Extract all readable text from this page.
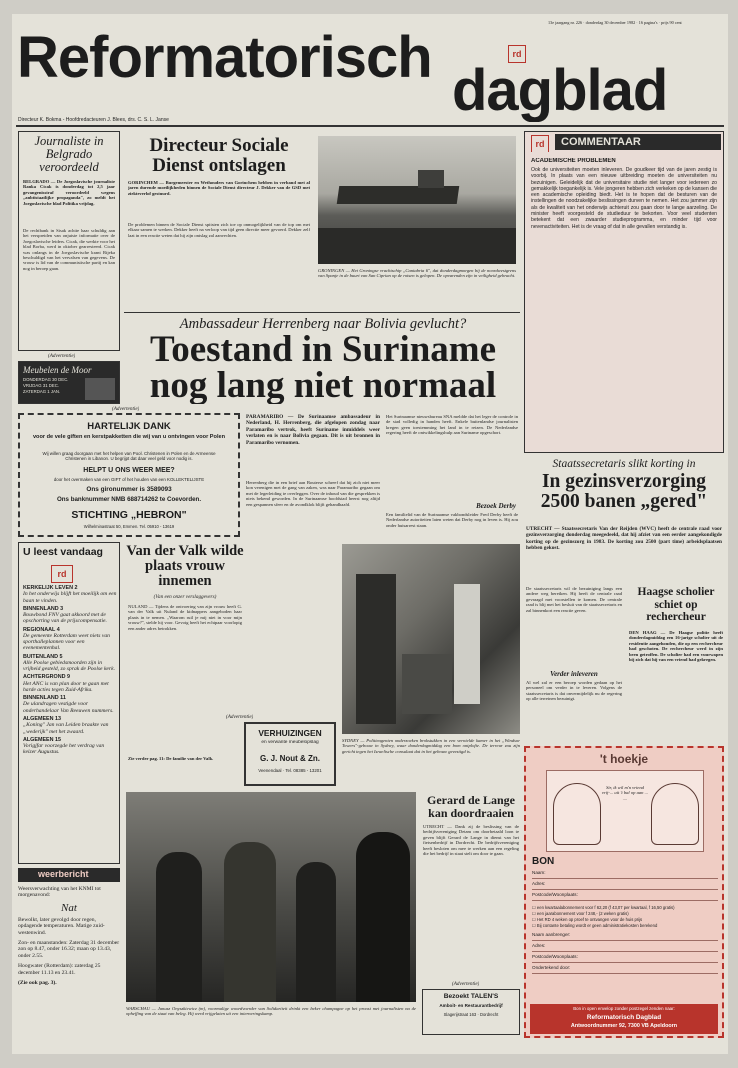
Reformatorisch	rd
13e jaargang nr. 226 · donderdag 30 december 1982 · 16 pagina's · prijs 90 cent
dagblad
Directeur K. Bokma - Hoofdredacteuren J. Blees, drs. C. S. L. Janse
Journaliste in Belgrado veroordeeld
BELGRADO — De Joegoslavische journaliste Ranka Cicak is donderdag tot 2,5 jaar gevangenisstraf veroordeeld wegens „anbtistaatlijke propaganda", zo meldt het Joegoslavische blad Politika vrijdag.
De rechtbank in Sisak achtte haar schuldig aan het verspreiden van onjuiste informatie over de Joegoslavische leiders. Cicak, die werkte voor het blad Borba, werd in oktober gearresteerd. Cicak was onlangs in de Joegoslavische krant Rijeka beschuldigd van het vervalsen van gegevens. De vrouw is lid van de communistische partij en kan nog in beroep gaan.
(Advertentie)
Meubelen de Moor
DONDERDAG 30 DEC.
VRIJDAG 31 DEC.
ZATERDAG 1 JAN.
(Advertentie)
HARTELIJK DANK
voor de vele giften en kerstpakketten die wij van u ontvingen voor Polen
Wij willen graag doorgaan met het helpen van Pool. Christenen in Polen en de Armeense Christenen in Libanon. U begrijpt dat daar veel geld voor nodig is.
HELPT U ONS WEER MEE?
door het overmaken van een GIFT of het houden van een KOLLEKTELIJSTE
Ons gironummer is 3589093
Ons banknummer NMB 688714262 te Coevorden.
STICHTING „HEBRON"
Wilhelminastraat 50, Emmen. Tel. 05910 - 13619
U leest vandaag
rd
KERKELIJK LEVEN 2
In het onderwijs blijft het moeilijk om een baan te vinden.
BINNENLAND 3
Bouwbond FNV gaat akkoord met de opschorting van de prijscompensatie.
REGIONAAL 4
De gemeente Rotterdam weet niets van sporthalleplannen voor een evenementenhal.
BUITENLAND 5
Alle Poolse gebiedsmoorden zijn in vrijheid gesteld, zo sprak de Poolse kerk.
ACHTERGROND 9
Het ANC is van plan door te gaan met harde acties tegen Zuid-Afrika.
BINNENLAND 11
De ulandragen vestigde voor onderhandelaar Van Reeuwen nummers.
ALGEMEEN 13
„Koning" Jan van Leiden braakte van „wederijk" met het zwaard.
ALGEMEEN 15
Vorigjfar voorzegde het verdrag van keizer Augustus.
weerbericht
Weersverwachting van het KNMI tot morgenavond:
Nat
Bewolkt, later gevolgd door regen, opdagende temperaturen. Matige zuid-westenwind.
Zon- en maanstanden: Zaterdag 31 december zon op 8.47, onder 16.32; maan op 13.43, onder 2.55.
Hoogwater (Rotterdam): zaterdag 25 december 11.13 en 23.41.
(Zie ook pag. 3).
Directeur Sociale Dienst ontslagen
GORINCHEM — Burgemeester en Wethouders van Gorinchem hebben in verband met al jaren durende moeilijkheden binnen de Sociale Dienst directeur J. Dekker van de GSD met ziekteverlof gestuurd.
De problemen binnen de Sociale Dienst spitsten zich toe op onmogelijkheid van de top om met elkaar samen te werken. Dekker heeft na verloop van tijd geen directie meer gevoerd. Dekker zelf laat in een reactie weten dat hij zijn ontslag zal aanvechten.
GRONINGEN — Het Groningse vrachtschip „Cantabria 6", dat donderdagmorgen bij de noordwestgrens van Spanje in de buurt van San Ciprian op de rotsen is gelopen. De opvarenden zijn in veiligheid gebracht.
Ambassadeur Herrenberg naar Bolivia gevlucht?
Toestand in Suriname nog lang niet normaal
PARAMARIBO — De Surinaamse ambassadeur in Nederland, H. Herrenberg, die afgelopen zondag naar Paramaribo vertrok, heeft Suriname inmiddels weer verlaten en is naar Bolivia gegaan. Dit is uit bronnen in Paramaribo vernomen.
Herrenberg die in een brief aan Bouterse schreef dat hij zich niet meer kon verenigen met de gang van zaken, was naar Paramaribo gegaan om met de legerleiding te overleggen. Over de inhoud van die gesprekken is niets bekend geworden. In de Surinaamse hoofdstad heerst nog altijd een gespannen sfeer en de avondklok blijft gehandhaafd.
Het Surinaamse nieuwsbureau SNA meldde dat het leger de controle in de stad volledig in handen heeft. Enkele buitenlandse journalisten kregen geen toestemming het land in te reizen. De Nederlandse regering heeft de ontwikkelingshulp aan Suriname opgeschort.
Bezoek Derby
Een familielid van de Surinaamse vakbondsleider Fred Derby heeft de Nederlandse autoriteiten laten weten dat Derby nog in leven is. Hij zou onder huisarrest staan.
Van der Valk wilde plaats vrouw innemen
(Van een onzer verslaggevers)
NULAND — Tijdens de ontvoering van zijn vrouw heeft G. van der Valk uit Nuland de kidnappers aangeboden haar plaats in te nemen. „Waarom ruil je mij niet in voor mijn vrouw?", stelde hij voor. Gevoig heeft het echtpaar voorlopig een ander adres betrokken.
Zie verder pag. 11: De familie van der Valk.
(Advertentie)
VERHUIZINGEN
en verwante meubelopslag
G. J. Nout & Zn.
Veenendaal · Tel. 08385 - 13201
SYDNEY — Politieagenten onderzoeken brokstukken in een vernielde kamer in het „Windsor Towers"-gebouw in Sydney, waar donderdagmiddag een bom ontplofte. De terreur zou zijn gericht tegen het Israelische consulaat dat in het gebouw gevestigd is.
WARSCHAU — Janusz Onyszkiewicz (m), voormalige woordvoerder van Solidariteit drinkt een beker champagne op het proost met journalisten na de opheffing van de staat van beleg. Hij werd vrijgelaten uit een interneringskamp.
Gerard de Lange kan doordraaien
UTRECHT — Dank zij de beslissing van de bedrijfsvereniging Detam om doorbetaald loon te geven blijft Gerard de Lange in dienst van het fietsenbedrijf in Dordrecht. De bedrijfsvereniging heeft besloten om mee te werken aan een regeling die het bedrijf in staat stelt om door te gaan.
(Advertentie)
Bezoekt TALEN'S
Amboit- en Restaurantbedrijf
Slagerijstraat 163 · Dordrecht
rd	COMMENTAAR
ACADEMISCHE PROBLEMEN
Ook de universiteiten moeten inleveren. De goudkeer tijd van de jaren zestig is voorbij. In plaats van een nieuwe uitbreiding moeten de universiteiten nu bezuinigen. Geleidelijk dat de universitaire studie niet langer voor iedereen zo gemakkelijk toegankelijk is. Vele jongeren hebben zich verkeken op de kansen die een academische opleiding biedt. Het is te hopen dat de besturen van de instellingen de noodzakelijke beslissingen durven te nemen. Het zou jammer zijn als de kwaliteit van het onderwijs achteruit zou gaan door te lange aarzeling. De minister heeft voorgesteld de studieduur te bekorten. Voor veel studenten betekent dat een zwaarder studieprogramma, en minder tijd voor nevenactiviteiten. Het is de vraag of dat in alle gevallen verstandig is.
Staatssecretaris slikt korting in
In gezinsverzorging 2500 banen „gered"
UTRECHT — Staatssecretaris Van der Reijden (WVC) heeft de centrale raad voor gezinsverzorging donderdag meegedeeld, dat hij afziet van een eerder aangekondigde korting op de gezinszorg in 1983. De korting zou 2500 (part time) arbeidsplaatsen hebben gekost.
De staatssecretaris wil de bezuiniging langs een andere weg bereiken. Hij heeft de centrale raad gevraagd met voorstellen te komen. De centrale raad is blij met het besluit van de staatssecretaris en zal binnenkort een reactie geven.
Verder inleveren
Al wel zal er een beroep worden gedaan op het personeel om verder in te leveren. Volgens de staatssecretaris is dat onvermijdelijk nu de regering op alle terreinen bezuinigt.
Haagse scholier schiet op rechercheur
DEN HAAG — De Haagse politie heeft donderdagmiddag een 16-jarige scholier uit de residentie aangehouden, die op een rechercheur had geschoten. De rechercheur werd in zijn been getroffen. De scholier had een vuurwapen bij zich dat hij van een vriend had gekregen.
't hoekje
Sir, ik wil m'n vriend vrij-... uit 't bal op aan ... ....
BON
Naam:
Adres:
Postcode/Woonplaats:
☐ een kwartaalabonnement voor f 62,20 (f 43,07 per kwartaal, f 16,50 gratis)
☐ een jaarabonnement voor f 248,- (2 weken gratis)
☐ Het RD 4 weken op proef te ontvangen voor de huis prijs
☐ Bij contante betaling wordt er geen administratiekosten berekend
Naam aanbrenger:
Adres:
Postcode/Woonplaats:
Ondertekend door:
Bon in open envelop zonder postzegel zenden naar:
Reformatorisch Dagblad
Antwoordnummer 92, 7300 VB Apeldoorn
